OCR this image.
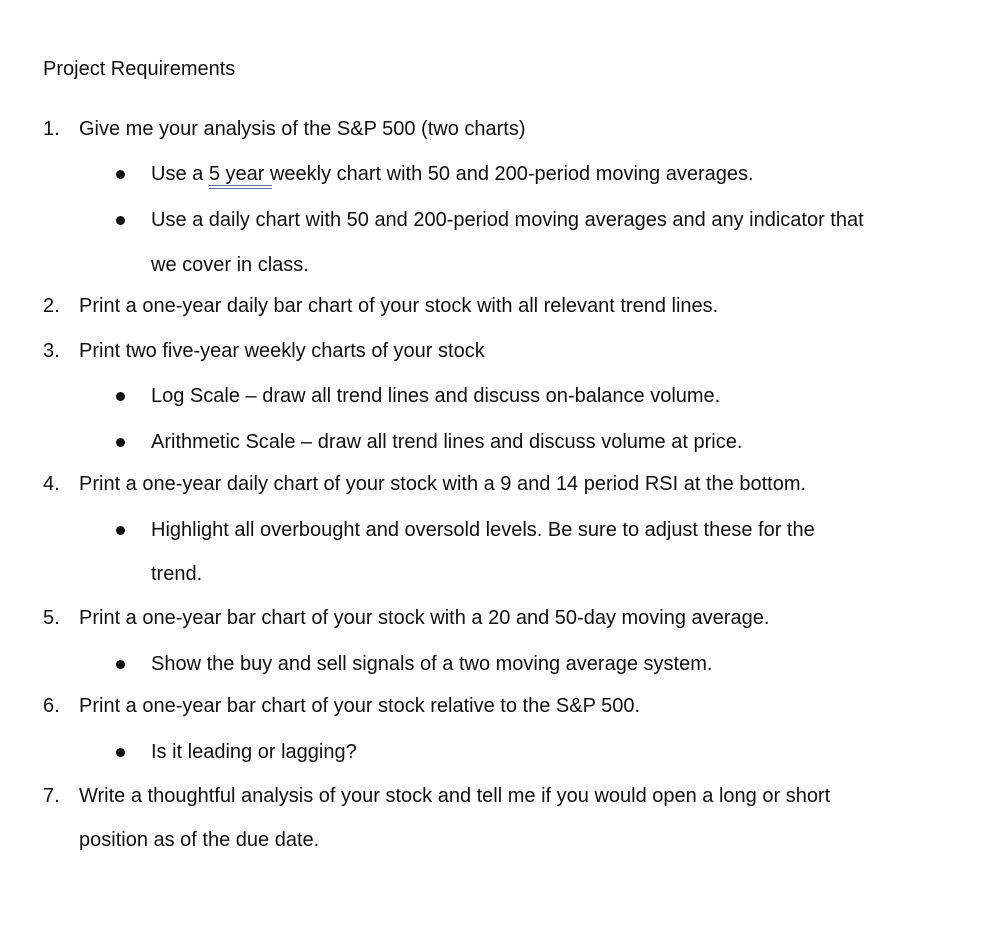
Project Requirements
1. Give me your analysis of the S&P 500 (two charts)
Use a 5 year weekly chart with 50 and 200-period moving averages.
Use a daily chart with 50 and 200-period moving averages and any indicator that
we cover in class.
2. Print a one-year daily bar chart of your stock with all relevant trend lines.
3. Print two five-year weekly charts of your stock
Log Scale – draw all trend lines and discuss on-balance volume.
Arithmetic Scale – draw all trend lines and discuss volume at price.
4. Print a one-year daily chart of your stock with a 9 and 14 period RSI at the bottom.
Highlight all overbought and oversold levels. Be sure to adjust these for the
trend.
5. Print a one-year bar chart of your stock with a 20 and 50-day moving average.
Show the buy and sell signals of a two moving average system.
6. Print a one-year bar chart of your stock relative to the S&P 500.
Is it leading or lagging?
7. Write a thoughtful analysis of your stock and tell me if you would open a long or short
position as of the due date.
